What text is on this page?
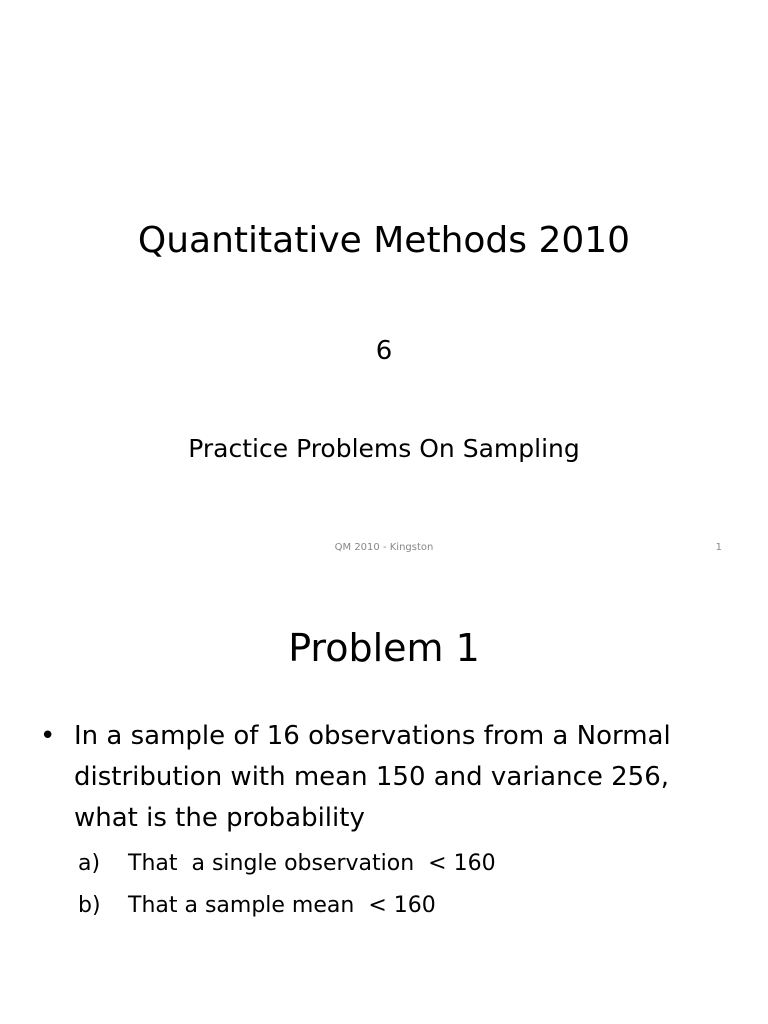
Quantitative Methods 2010
6
Practice Problems On Sampling
QM 2010 - Kingston	1
Problem 1
• In a sample of 16 observations from a Normal distribution with mean 150 and variance 256, what is the probability
a)	That  a single observation  < 160
b)	That a sample mean  < 160
